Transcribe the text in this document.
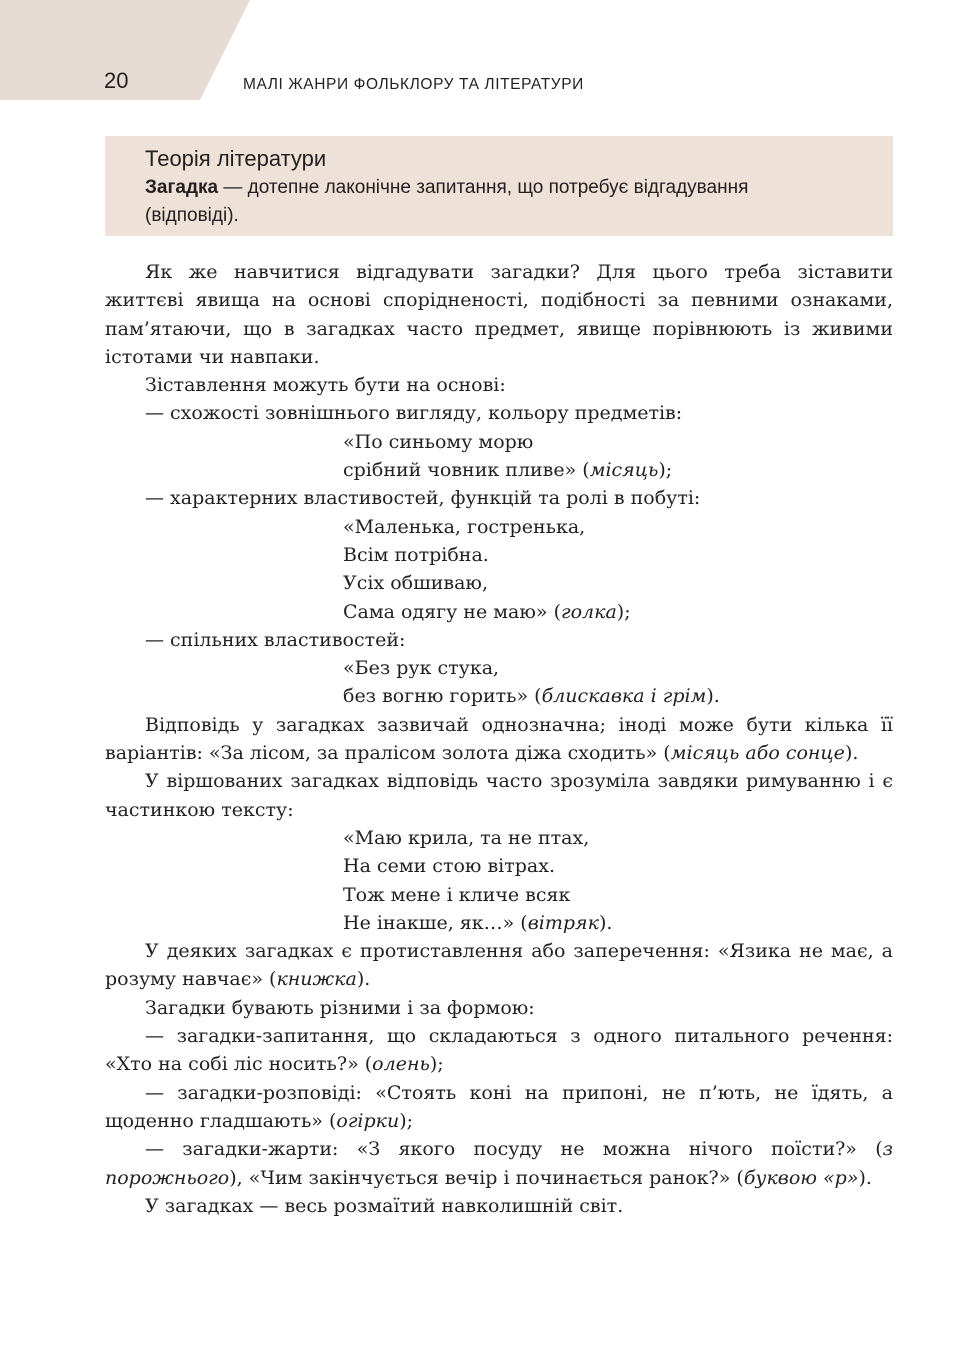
20	МАЛІ ЖАНРИ ФОЛЬКЛОРУ ТА ЛІТЕРАТУРИ
Теорія літератури
Загадка — дотепне лаконічне запитання, що потребує відгадування
(відповіді).

Як же навчитися відгадувати загадки? Для цього треба зіставити життєві явища на основі спорідненості, подібності за певними ознаками, пам’ятаючи, що в загадках часто предмет, явище порівнюють із живими істотами чи навпаки.

Зіставлення можуть бути на основі:

— схожості зовнішнього вигляду, кольору предметів:

«По синьому морю

срібний човник пливе» (місяць);

— характерних властивостей, функцій та ролі в побуті:

«Маленька, гостренька,

Всім потрібна.

Усіх обшиваю,

Сама одягу не маю» (голка);

— спільних властивостей:

«Без рук стука,

без вогню горить» (блискавка і грім).

Відповідь у загадках зазвичай однозначна; іноді може бути кілька її варіантів: «За лісом, за пралісом золота діжа сходить» (місяць або сонце).

У віршованих загадках відповідь часто зрозуміла завдяки римуванню і є частинкою тексту:

«Маю крила, та не птах,

На семи стою вітрах.

Тож мене і кличе всяк

Не інакше, як…» (вітряк).

У деяких загадках є протиставлення або заперечення: «Язика не має, а розуму навчає» (книжка).

Загадки бувають різними і за формою:

— загадки-запитання, що складаються з одного питального речення: «Хто на собі ліс носить?» (олень);

— загадки-розповіді: «Стоять коні на припоні, не п’ють, не їдять, а щоденно гладшають» (огірки);

— загадки-жарти: «З якого посуду не можна нічого поїсти?» (з порожнього), «Чим закінчується вечір і починається ранок?» (буквою «р»).

У загадках — весь розмаїтий навколишній світ.
